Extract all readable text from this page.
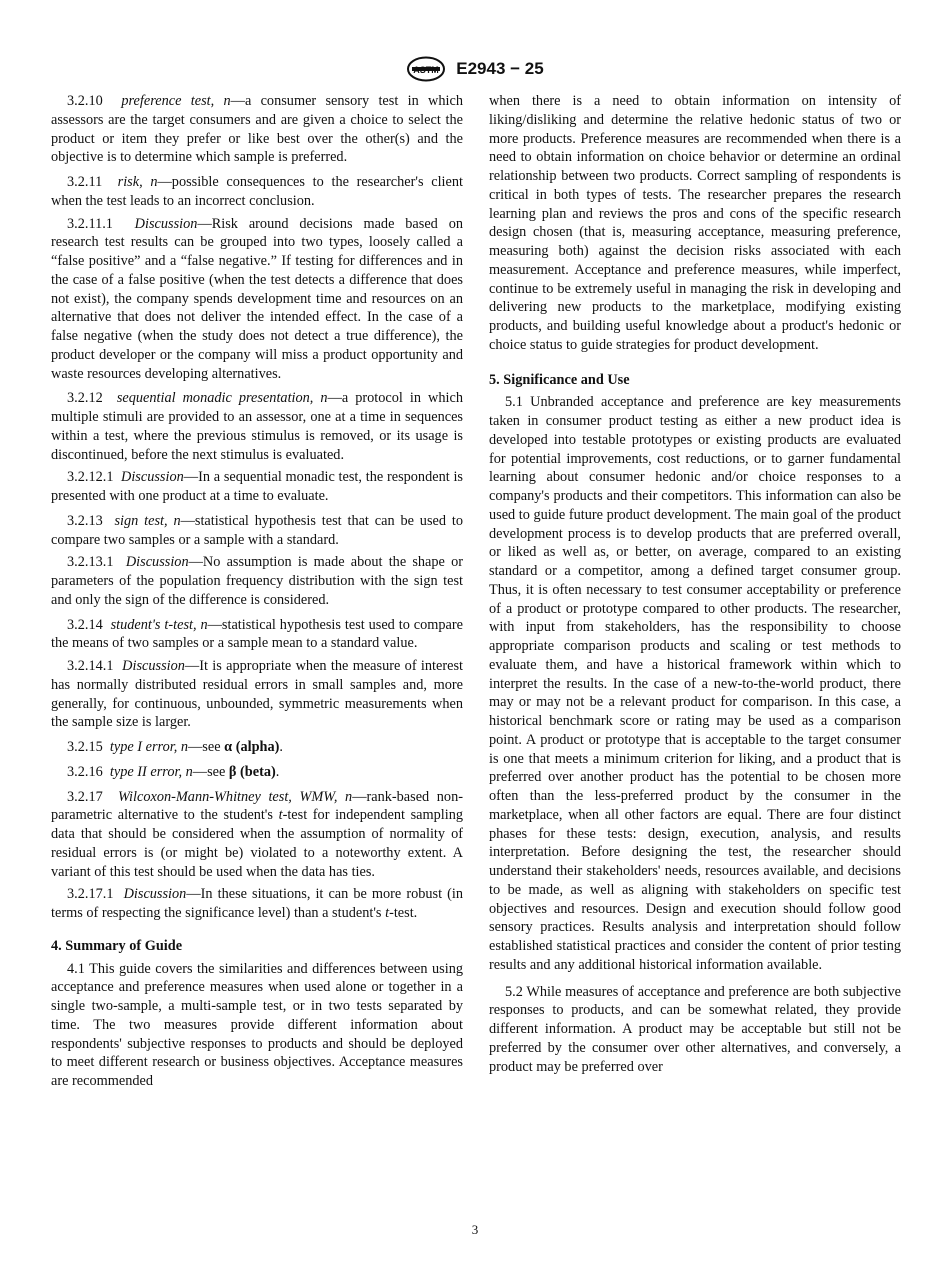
ASTM E2943 − 25

3.2.10 preference test, n—a consumer sensory test in which assessors are the target consumers and are given a choice to select the product or item they prefer or like best over the other(s) and the objective is to determine which sample is preferred.

3.2.11 risk, n—possible consequences to the researcher's client when the test leads to an incorrect conclusion.

3.2.11.1 Discussion—Risk around decisions made based on research test results can be grouped into two types, loosely called a “false positive” and a “false negative.” If testing for differences and in the case of a false positive (when the test detects a difference that does not exist), the company spends development time and resources on an alternative that does not deliver the intended effect. In the case of a false negative (when the study does not detect a true difference), the product developer or the company will miss a product opportunity and waste resources developing alternatives.

3.2.12 sequential monadic presentation, n—a protocol in which multiple stimuli are provided to an assessor, one at a time in sequences within a test, where the previous stimulus is removed, or its usage is discontinued, before the next stimulus is evaluated.

3.2.12.1 Discussion—In a sequential monadic test, the respondent is presented with one product at a time to evaluate.

3.2.13 sign test, n—statistical hypothesis test that can be used to compare two samples or a sample with a standard.

3.2.13.1 Discussion—No assumption is made about the shape or parameters of the population frequency distribution with the sign test and only the sign of the difference is considered.

3.2.14 student's t-test, n—statistical hypothesis test used to compare the means of two samples or a sample mean to a standard value.

3.2.14.1 Discussion—It is appropriate when the measure of interest has normally distributed residual errors in small samples and, more generally, for continuous, unbounded, symmetric measurements when the sample size is larger.

3.2.15 type I error, n—see α (alpha).

3.2.16 type II error, n—see β (beta).

3.2.17 Wilcoxon-Mann-Whitney test, WMW, n—rank-based non-parametric alternative to the student's t-test for independent sampling data that should be considered when the assumption of normality of residual errors is (or might be) violated to a noteworthy extent. A variant of this test should be used when the data has ties.

3.2.17.1 Discussion—In these situations, it can be more robust (in terms of respecting the significance level) than a student's t-test.

4. Summary of Guide

4.1 This guide covers the similarities and differences between using acceptance and preference measures when used alone or together in a single two-sample, a multi-sample test, or in two tests separated by time. The two measures provide different information about respondents' subjective responses to products and should be deployed to meet different research or business objectives. Acceptance measures are recommended

when there is a need to obtain information on intensity of liking/disliking and determine the relative hedonic status of two or more products. Preference measures are recommended when there is a need to obtain information on choice behavior or determine an ordinal relationship between two products. Correct sampling of respondents is critical in both types of tests. The researcher prepares the research learning plan and reviews the pros and cons of the specific research design chosen (that is, measuring acceptance, measuring preference, measuring both) against the decision risks associated with each measurement. Acceptance and preference measures, while imperfect, continue to be extremely useful in managing the risk in developing and delivering new products to the marketplace, modifying existing products, and building useful knowledge about a product's hedonic or choice status to guide strategies for product development.

5. Significance and Use

5.1 Unbranded acceptance and preference are key measurements taken in consumer product testing as either a new product idea is developed into testable prototypes or existing products are evaluated for potential improvements, cost reductions, or to garner fundamental learning about consumer hedonic and/or choice responses to a company's products and their competitors. This information can also be used to guide future product development. The main goal of the product development process is to develop products that are preferred overall, or liked as well as, or better, on average, compared to an existing standard or a competitor, among a defined target consumer group. Thus, it is often necessary to test consumer acceptability or preference of a product or prototype compared to other products. The researcher, with input from stakeholders, has the responsibility to choose appropriate comparison products and scaling or test methods to evaluate them, and have a historical framework within which to interpret the results. In the case of a new-to-the-world product, there may or may not be a relevant product for comparison. In this case, a historical benchmark score or rating may be used as a comparison point. A product or prototype that is acceptable to the target consumer is one that meets a minimum criterion for liking, and a product that is preferred over another product has the potential to be chosen more often than the less-preferred product by the consumer in the marketplace, when all other factors are equal. There are four distinct phases for these tests: design, execution, analysis, and results interpretation. Before designing the test, the researcher should understand their stakeholders' needs, resources available, and decisions to be made, as well as aligning with stakeholders on specific test objectives and resources. Design and execution should follow good sensory practices. Results analysis and interpretation should follow established statistical practices and consider the content of prior testing results and any additional historical information available.

5.2 While measures of acceptance and preference are both subjective responses to products, and can be somewhat related, they provide different information. A product may be acceptable but still not be preferred by the consumer over other alternatives, and conversely, a product may be preferred over

3
